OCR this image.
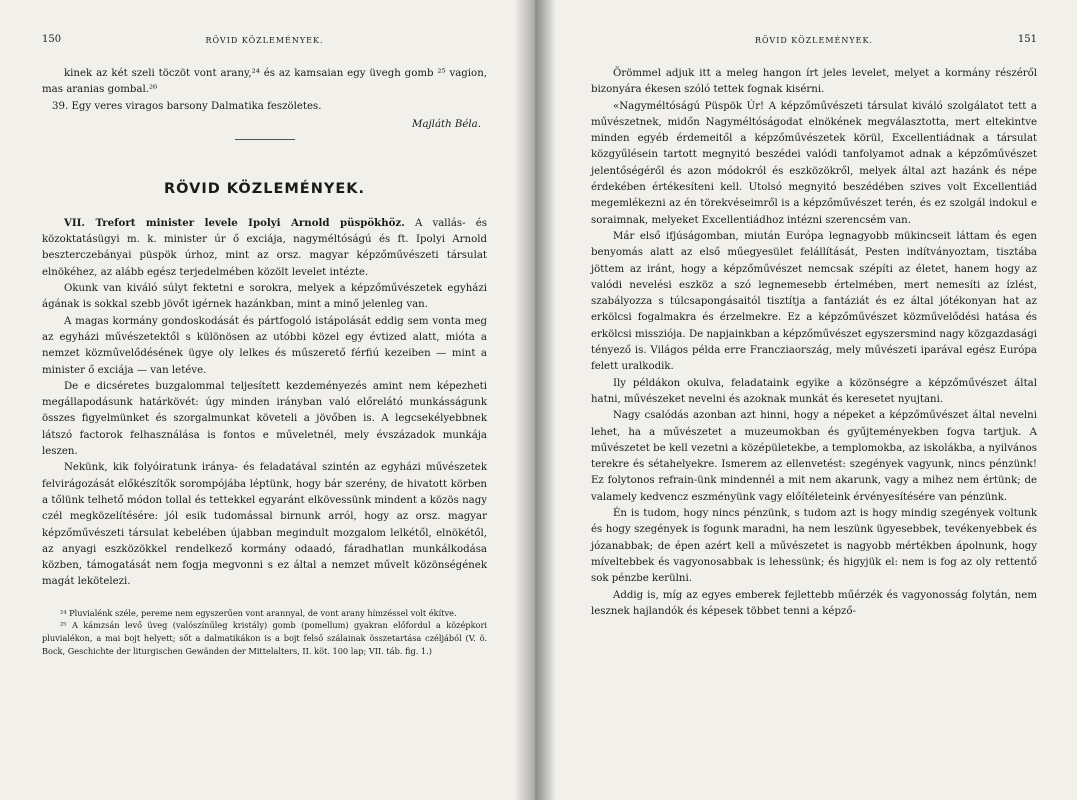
150	RÖVID KÖZLEMÉNYEK.

kinek az két szeli töczöt vont arany,²⁴ és az kamsaian egy üvegh gomb ²⁵ vagion, mas aranias gombal.²⁶

39. Egy veres viragos barsony Dalmatika feszöletes.

Majláth Béla.
RÖVID KÖZLEMÉNYEK.

VII. Trefort minister levele Ipolyi Arnold püspökhöz. A vallás- és közoktatásügyi m. k. minister úr ő exciája, nagyméltóságú és ft. Ipolyi Arnold beszterczebányai püspök úrhoz, mint az orsz. magyar képzőművészeti társulat elnökéhez, az alább egész terjedelmében közölt levelet intézte.

Okunk van kiváló súlyt fektetni e sorokra, melyek a képzőművészetek egyházi ágának is sokkal szebb jövőt igérnek hazánkban, mint a minő jelenleg van.

A magas kormány gondoskodását és pártfogoló istápolását eddig sem vonta meg az egyházi művészetektől s különösen az utóbbi közel egy évtized alatt, mióta a nemzet közművelődésének ügye oly lelkes és műszerető férfiú kezeiben — mint a minister ő exciája — van letéve.

De e dicséretes buzgalommal teljesített kezdeményezés amint nem képezheti megállapodásunk határkövét: úgy minden irányban való előrelátó munkásságunk összes figyelmünket és szorgalmunkat követeli a jövőben is. A legcsekélyebbnek látszó factorok felhasználása is fontos e műveletnél, mely évszázadok munkája leszen.

Nekünk, kik folyóiratunk iránya- és feladatával szintén az egyházi művészetek felvirágozását előkészítők sorompójába léptünk, hogy bár szerény, de hivatott körben a tőlünk telhető módon tollal és tettekkel egyaránt elkövessünk mindent a közös nagy czél megközelítésére: jól esik tudomással birnunk arról, hogy az orsz. magyar képzőművészeti társulat kebelében újabban megindult mozgalom lelkétől, elnökétől, az anyagi eszközökkel rendelkező kormány odaadó, fáradhatlan munkálkodása közben, támogatását nem fogja megvonni s ez által a nemzet művelt közönségének magát lekötelezi.

²⁴ Pluvialénk széle, pereme nem egyszerűen vont arannyal, de vont arany hímzéssel volt ékítve.

²⁵ A kámzsán levő üveg (valószínűleg kristály) gomb (pomellum) gyakran előfordul a középkori pluvialékon, a mai bojt helyett; sőt a dalmatikákon is a bojt felső szálainak összetartása czéljából (V. ö. Bock, Geschichte der liturgischen Gewänden der Mittelalters, II. köt. 100 lap; VII. táb. fig. 1.)

RÖVID KÖZLEMÉNYEK.	151

Örömmel adjuk itt a meleg hangon írt jeles levelet, melyet a kormány részéről bizonyára ékesen szóló tettek fognak kisérni.

«Nagyméltóságú Püspök Úr! A képzőművészeti társulat kiváló szolgálatot tett a művészetnek, midőn Nagyméltóságodat elnökének megválasztotta, mert eltekintve minden egyéb érdemeitől a képzőművészetek körül, Excellentiádnak a társulat közgyűlésein tartott megnyitó beszédei valódi tanfolyamot adnak a képzőművészet jelentőségéről és azon módokról és eszközökről, melyek által azt hazánk és népe érdekében értékesíteni kell. Utolsó megnyitó beszédében szives volt Excellentiád megemlékezni az én törekvéseimről is a képzőművészet terén, és ez szolgál indokul e soraimnak, melyeket Excellentiádhoz intézni szerencsém van.

Már első ifjúságomban, miután Európa legnagyobb mükincseit láttam és egen benyomás alatt az első műegyesület felállítását, Pesten indítványoztam, tisztába jöttem az iránt, hogy a képzőművészet nemcsak szépíti az életet, hanem hogy az valódi nevelési eszköz a szó legnemesebb értelmében, mert nemesíti az ízlést, szabályozza s túlcsapongásaitól tisztítja a fantáziát és ez által jótékonyan hat az erkölcsi fogalmakra és érzelmekre. Ez a képzőművészet közművelődési hatása és erkölcsi missziója. De napjainkban a képzőművészet egyszersmind nagy közgazdasági tényező is. Világos példa erre Francziaország, mely művészeti iparával egész Európa felett uralkodik.

Ily példákon okulva, feladataink egyike a közönségre a képzőművészet által hatni, művészeket nevelni és azoknak munkát és keresetet nyujtani.

Nagy csalódás azonban azt hinni, hogy a népeket a képzőművészet által nevelni lehet, ha a művészetet a muzeumokban és gyűjteményekben fogva tartjuk. A művészetet be kell vezetni a középületekbe, a templomokba, az iskolákba, a nyilvános terekre és sétahelyekre. Ismerem az ellenvetést: szegények vagyunk, nincs pénzünk! Ez folytonos refrain-ünk mindennél a mit nem akarunk, vagy a mihez nem értünk; de valamely kedvencz eszményünk vagy előítéleteink érvényesítésére van pénzünk.

Én is tudom, hogy nincs pénzünk, s tudom azt is hogy mindig szegények voltunk és hogy szegények is fogunk maradni, ha nem leszünk ügyesebbek, tevékenyebbek és józanabbak; de épen azért kell a művészetet is nagyobb mértékben ápolnunk, hogy míveltebbek és vagyonosabbak is lehessünk; és higyjük el: nem is fog az oly rettentő sok pénzbe kerülni.

Addig is, míg az egyes emberek fejlettebb műérzék és vagyonosság folytán, nem lesznek hajlandók és képesek többet tenni a képző-
